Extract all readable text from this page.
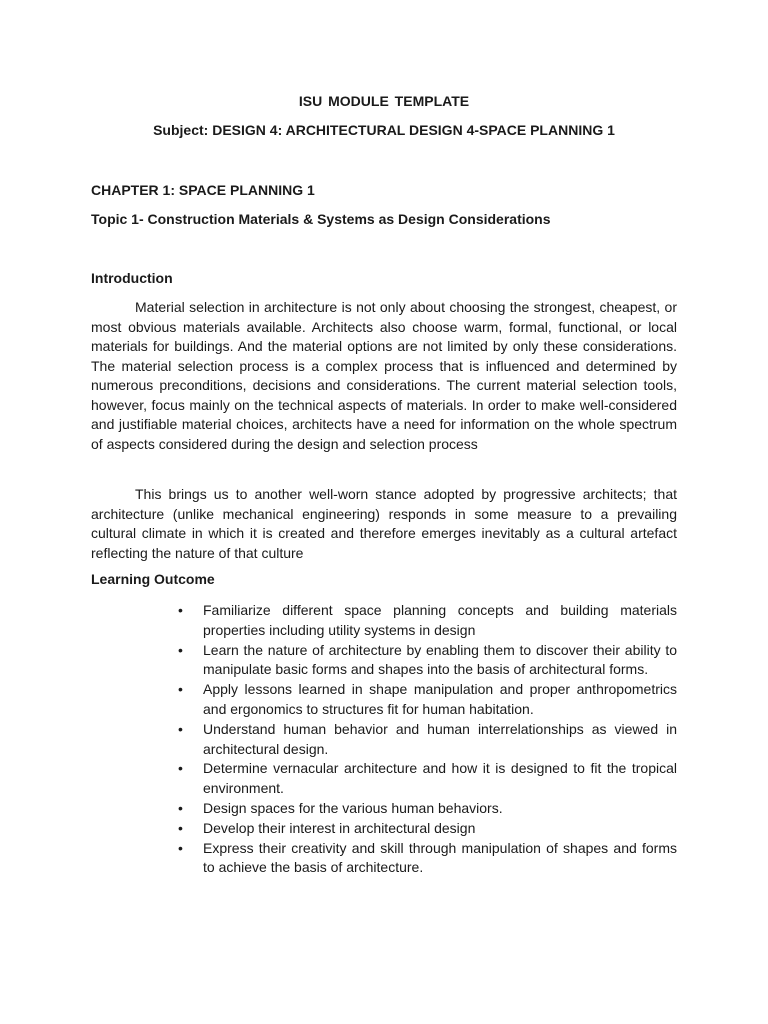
ISU MODULE TEMPLATE
Subject: DESIGN 4: ARCHITECTURAL DESIGN 4-SPACE PLANNING 1
CHAPTER 1: SPACE PLANNING 1
Topic 1- Construction Materials & Systems as Design Considerations
Introduction

Material selection in architecture is not only about choosing the strongest, cheapest, or most obvious materials available. Architects also choose warm, formal, functional, or local materials for buildings. And the material options are not limited by only these considerations. The material selection process is a complex process that is influenced and determined by numerous preconditions, decisions and considerations. The current material selection tools, however, focus mainly on the technical aspects of materials. In order to make well-considered and justifiable material choices, architects have a need for information on the whole spectrum of aspects considered during the design and selection process

This brings us to another well-worn stance adopted by progressive architects; that architecture (unlike mechanical engineering) responds in some measure to a prevailing cultural climate in which it is created and therefore emerges inevitably as a cultural artefact reflecting the nature of that culture

Learning Outcome
• Familiarize different space planning concepts and building materials properties including utility systems in design
• Learn the nature of architecture by enabling them to discover their ability to manipulate basic forms and shapes into the basis of architectural forms.
• Apply lessons learned in shape manipulation and proper anthropometrics and ergonomics to structures fit for human habitation.
• Understand human behavior and human interrelationships as viewed in architectural design.
• Determine vernacular architecture and how it is designed to fit the tropical environment.
• Design spaces for the various human behaviors.
• Develop their interest in architectural design
• Express their creativity and skill through manipulation of shapes and forms to achieve the basis of architecture.
